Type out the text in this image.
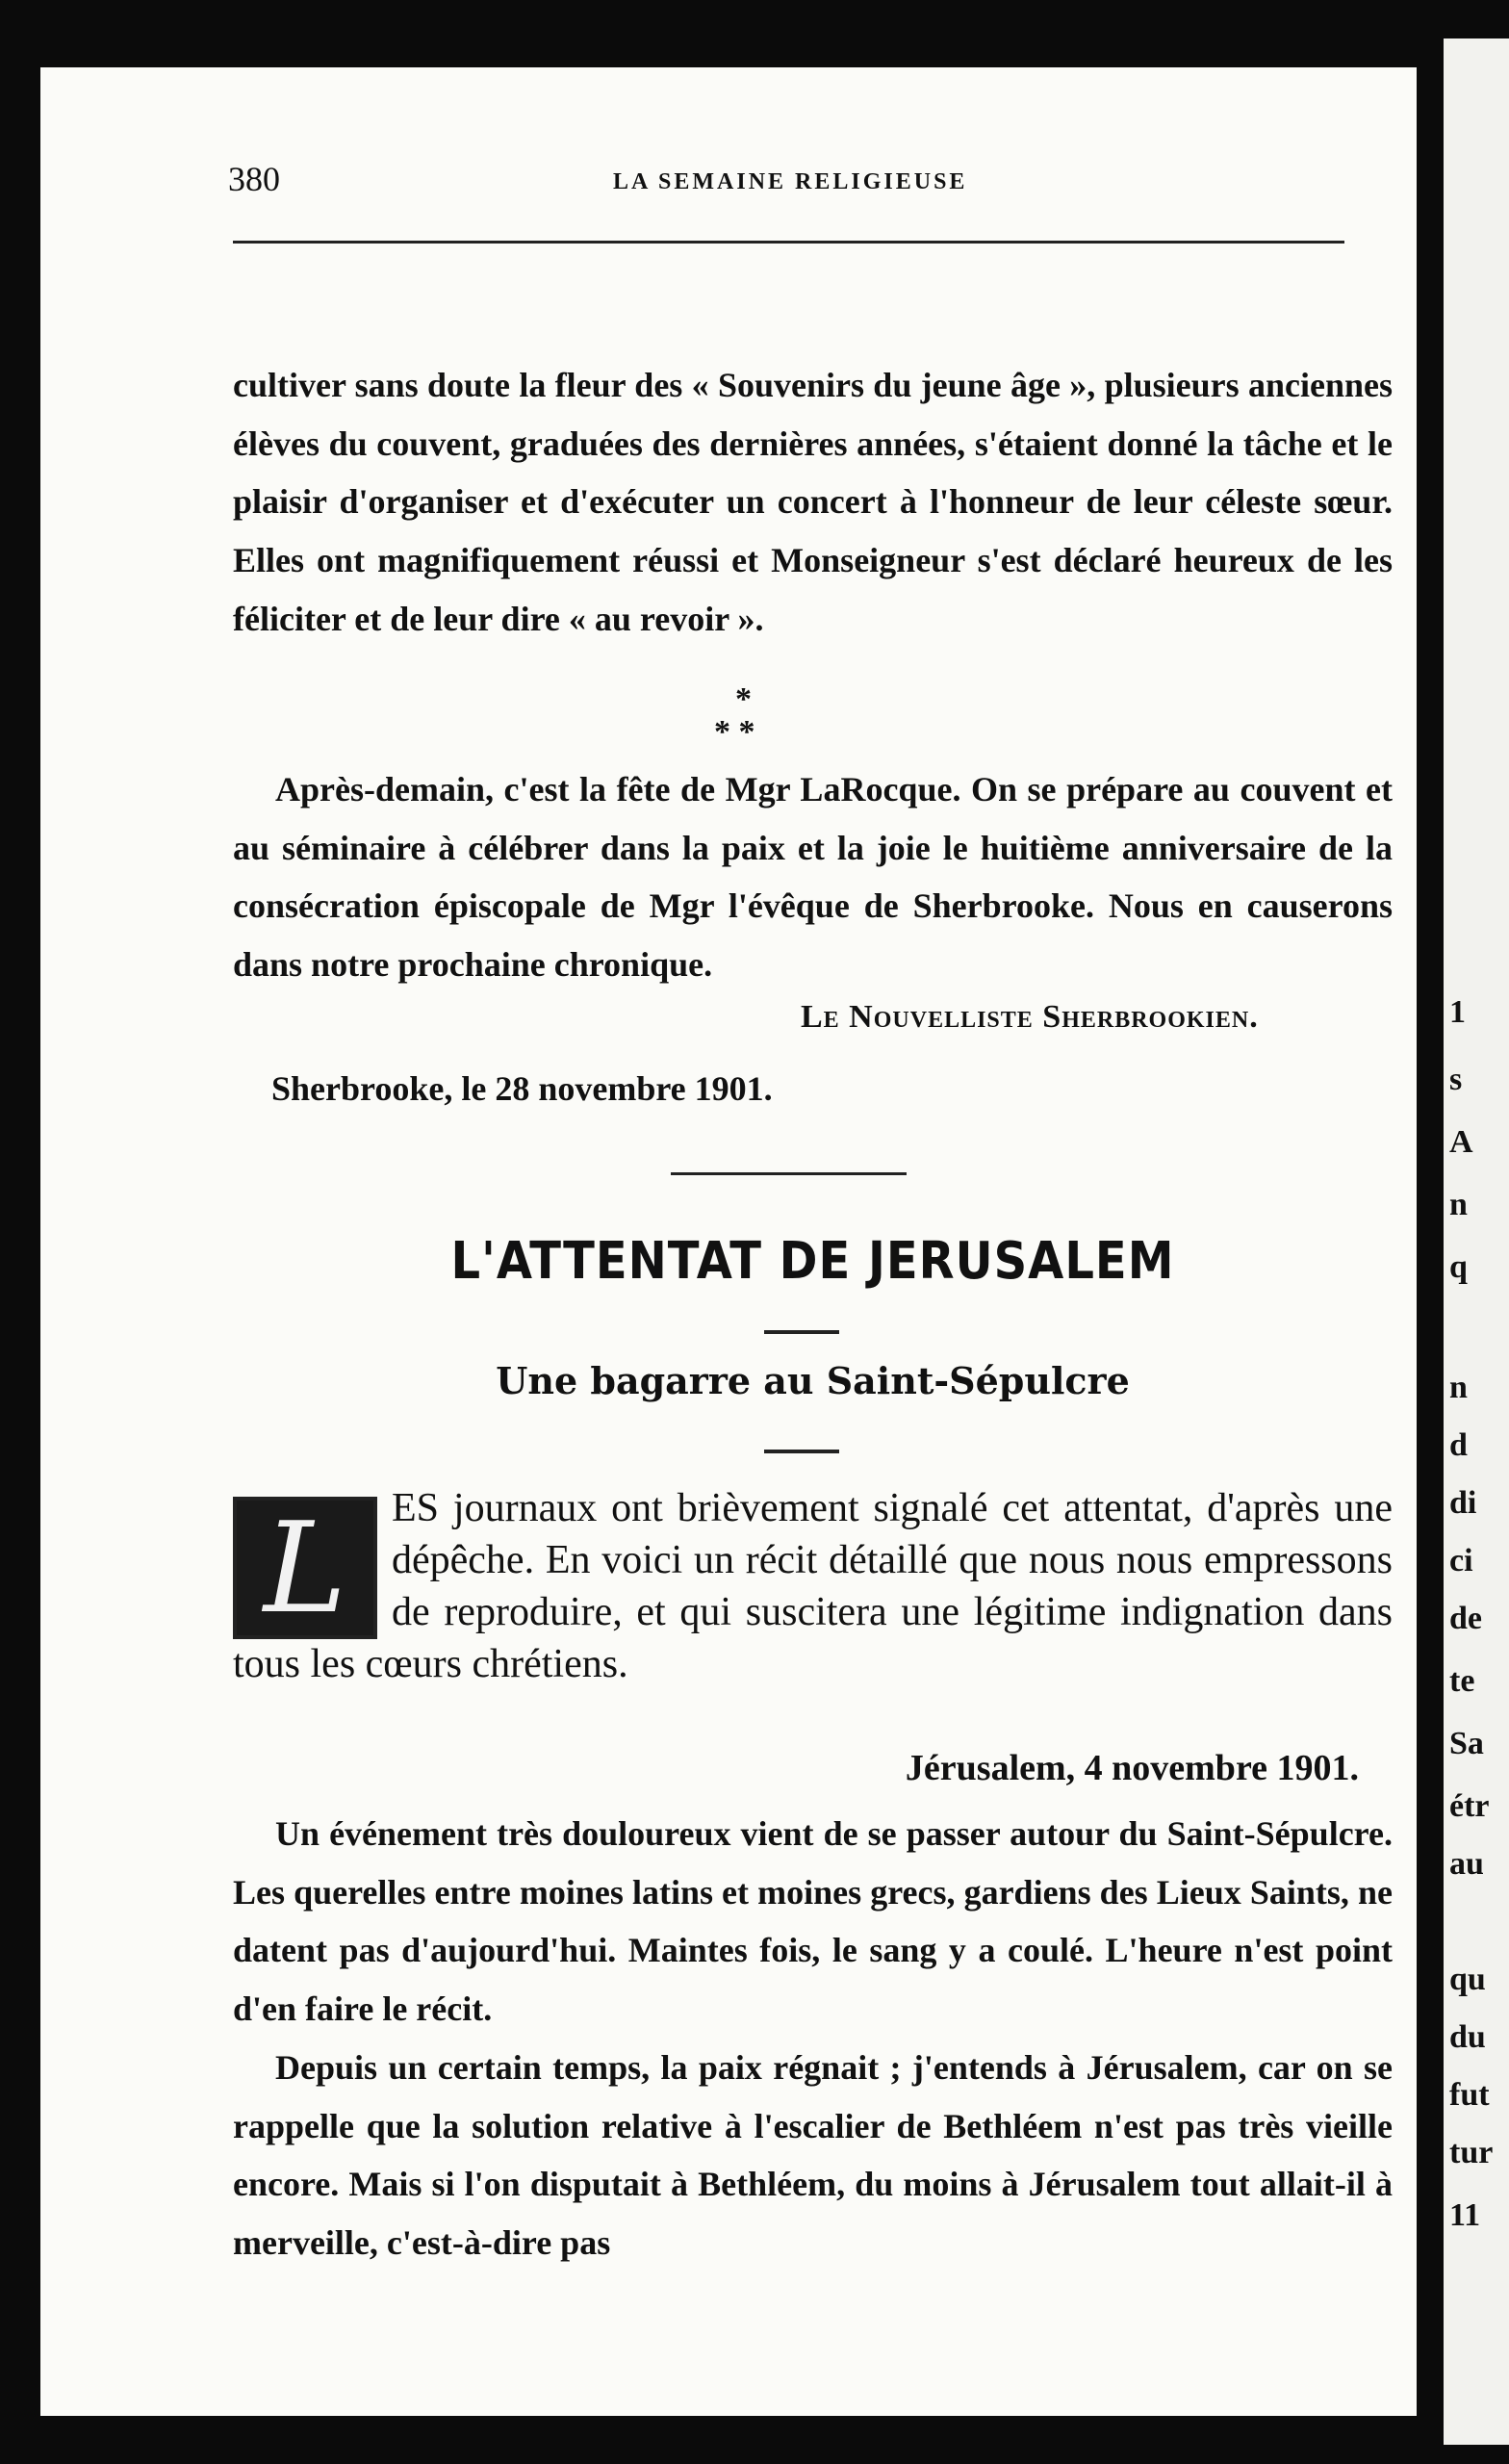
380	LA SEMAINE RELIGIEUSE

cultiver sans doute la fleur des « Souvenirs du jeune âge », plusieurs anciennes élèves du couvent, graduées des dernières années, s'étaient donné la tâche et le plaisir d'organiser et d'exécuter un concert à l'honneur de leur céleste sœur. Elles ont magnifiquement réussi et Monseigneur s'est déclaré heureux de les féliciter et de leur dire « au revoir ».

*
* *

Après-demain, c'est la fête de Mgr LaRocque. On se prépare au couvent et au séminaire à célébrer dans la paix et la joie le huitième anniversaire de la consécration épiscopale de Mgr l'évêque de Sherbrooke. Nous en causerons dans notre prochaine chronique.

Le Nouvelliste Sherbrookien.
Sherbrooke, le 28 novembre 1901.
L'ATTENTAT DE JERUSALEM
Une bagarre au Saint-Sépulcre
L	ES journaux ont brièvement signalé cet attentat, d'après une dépêche. En voici un récit détaillé que nous nous empressons de reproduire, et qui suscitera une légitime indignation dans tous les cœurs chrétiens.

Jérusalem, 4 novembre 1901.

Un événement très douloureux vient de se passer autour du Saint-Sépulcre. Les querelles entre moines latins et moines grecs, gardiens des Lieux Saints, ne datent pas d'aujourd'hui. Maintes fois, le sang y a coulé. L'heure n'est point d'en faire le récit.

Depuis un certain temps, la paix régnait ; j'entends à Jérusalem, car on se rappelle que la solution relative à l'escalier de Bethléem n'est pas très vieille encore. Mais si l'on disputait à Bethléem, du moins à Jérusalem tout allait-il à merveille, c'est-à-dire pas

1
s
A
n
q
n
d
di
ci
de
te
Sa
étr
au
qu
du
fut
tur
11
